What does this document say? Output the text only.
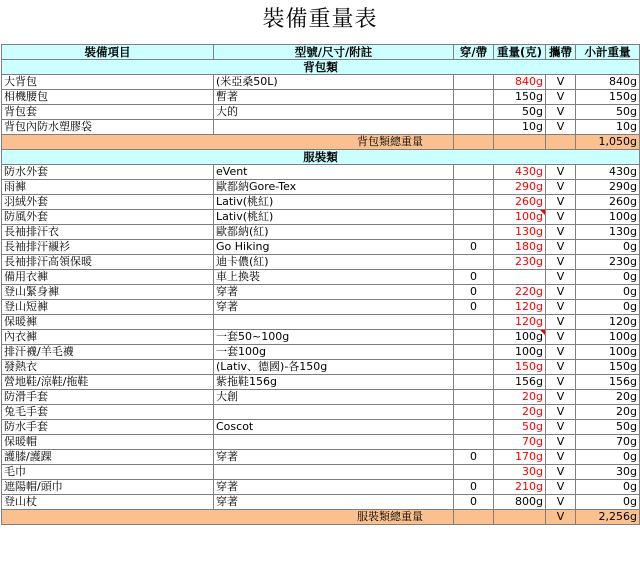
裝備重量表
裝備項目	型號/尺寸/附註	穿/帶	重量(克)	攜帶	小計重量
背包類					
大背包	(米亞桑50L)		840g	V	840g
相機腰包	暫著		150g	V	150g
背包套	大的		50g	V	50g
背包內防水塑膠袋			10g	V	10g
背包類總重量					1,050g
服裝類					
防水外套	eVent		430g	V	430g
雨褲	歐都納Gore-Tex		290g	V	290g
羽絨外套	Lativ(桃紅)		260g	V	260g
防風外套	Lativ(桃紅)		100g	V	100g
長袖排汗衣	歐都納(紅)		130g	V	130g
長袖排汗襯衫	Go Hiking	0	180g	V	0g
長袖排汗高領保暖	迪卡儂(紅)		230g	V	230g
備用衣褲	車上換裝	0		V	0g
登山緊身褲	穿著	0	220g	V	0g
登山短褲	穿著	0	120g	V	0g
保暖褲			120g	V	120g
內衣褲	一套50~100g		100g	V	100g
排汗襪/羊毛襪	一套100g		100g	V	100g
發熱衣	(Lativ、德國)-各150g		150g	V	150g
營地鞋/涼鞋/拖鞋	紫拖鞋156g		156g	V	156g
防滑手套	大創		20g	V	20g
兔毛手套			20g	V	20g
防水手套	Coscot		50g	V	50g
保暖帽			70g	V	70g
護膝/護踝	穿著	0	170g	V	0g
毛巾			30g	V	30g
遮陽帽/頭巾	穿著	0	210g	V	0g
登山杖	穿著	0	800g	V	0g
服裝類總重量				V	2,256g
